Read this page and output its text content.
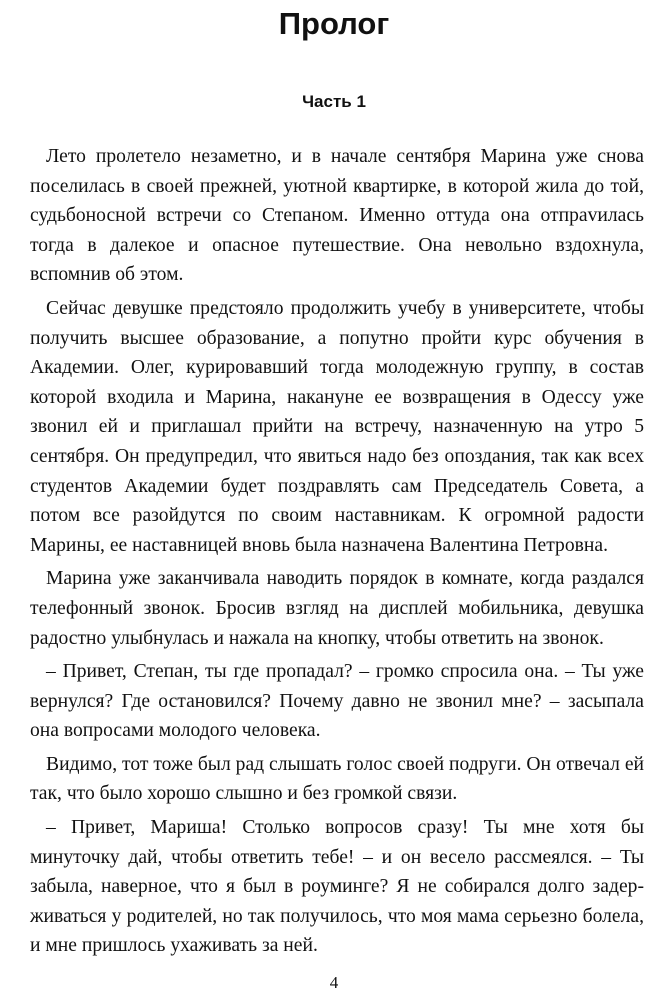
Пролог
Часть 1

Лето пролетело незаметно, и в начале сентября Марина уже снова поселилась в своей прежней, уютной квартирке, в которой жила до той, судьбоносной встречи со Степаном. Именно оттуда она отпраvилась тогда в далекое и опасное путешествие. Она невольно вздохнула, вспомнив об этом.

Сейчас девушке предстояло продолжить учебу в университете, чтобы получить высшее образование, а попутно пройти курс обучения в Академии. Олег, курировавший тогда молодежную группу, в состав которой входила и Марина, накануне ее возвращения в Одессу уже звонил ей и приглашал прийти на встречу, назначенную на утро 5 сентября. Он предупредил, что явиться надо без опоздания, так как всех студентов Академии будет поздравлять сам Председатель Совета, а потом все разойдутся по своим наставникам. К огромной радости Марины, ее наставницей вновь была назначена Валентина Петровна.

Марина уже заканчивала наводить порядок в комнате, когда раздался телефонный звонок. Бросив взгляд на дисплей мобильника, девушка радостно улыбнулась и нажала на кнопку, чтобы ответить на звонок.

– Привет, Степан, ты где пропадал? – громко спросила она. – Ты уже вернулся? Где остановился? Почему давно не звонил мне? – засыпала она вопросами молодого человека.

Видимо, тот тоже был рад слышать голос своей подруги. Он отвечал ей так, что было хорошо слышно и без громкой связи.

– Привет, Мариша! Столько вопросов сразу! Ты мне хотя бы минуточку дай, чтобы ответить тебе! – и он весело рассмеялся. – Ты забыла, наверное, что я был в роуминге? Я не собирался долго задерживаться у родителей, но так получилось, что моя мама серьезно болела, и мне пришлось ухаживать за ней.

4
